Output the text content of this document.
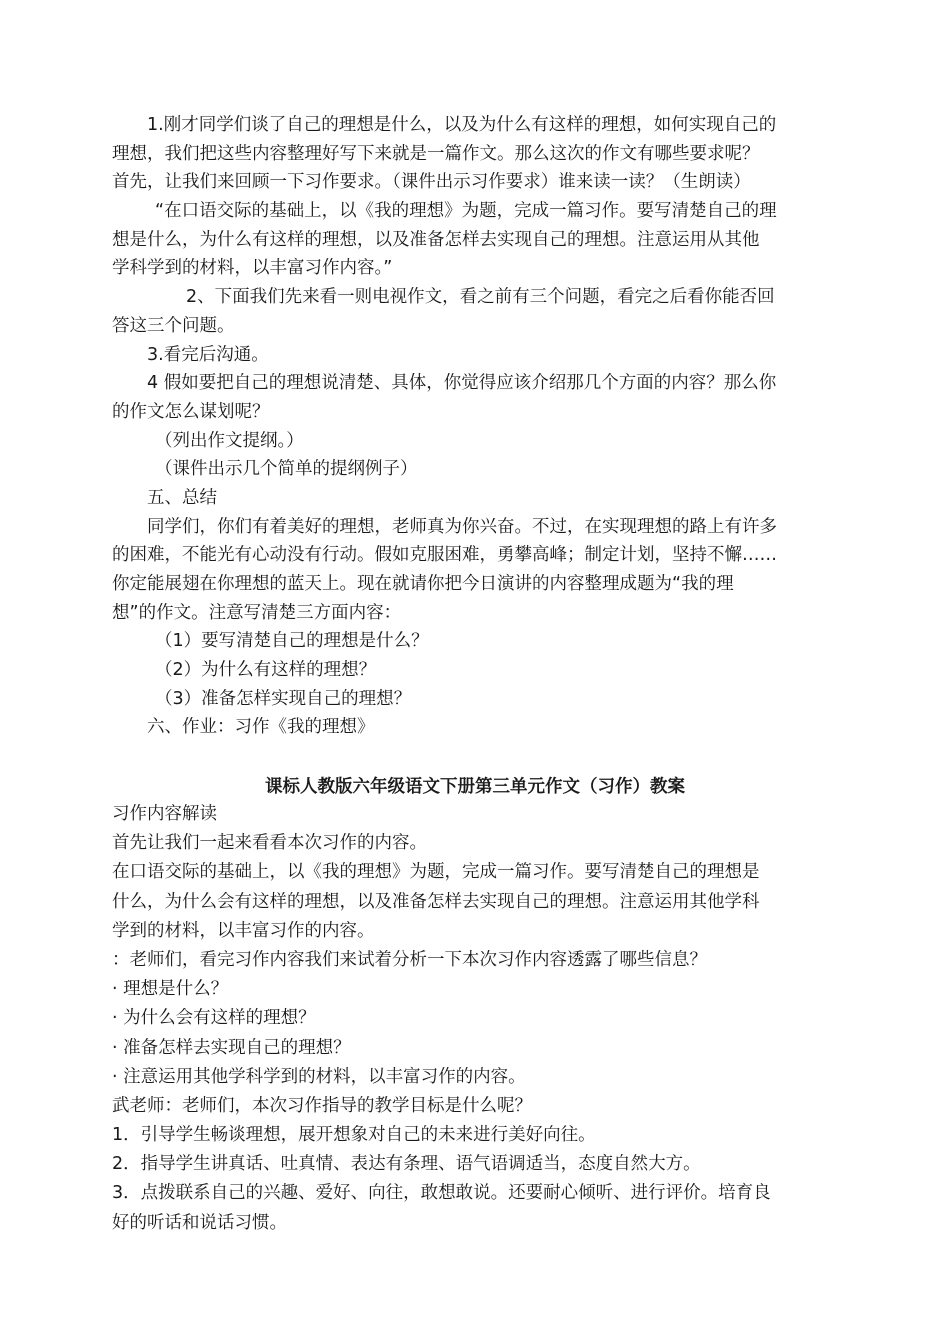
1.刚才同学们谈了自己的理想是什么，以及为什么有这样的理想，如何实现自己的
理想，我们把这些内容整理好写下来就是一篇作文。那么这次的作文有哪些要求呢？
首先，让我们来回顾一下习作要求。（课件出示习作要求）谁来读一读？（生朗读）
“在口语交际的基础上，以《我的理想》为题，完成一篇习作。要写清楚自己的理
想是什么，为什么有这样的理想，以及准备怎样去实现自己的理想。注意运用从其他
学科学到的材料，以丰富习作内容。”
2、下面我们先来看一则电视作文，看之前有三个问题，看完之后看你能否回
答这三个问题。
3.看完后沟通。
4 假如要把自己的理想说清楚、具体，你觉得应该介绍那几个方面的内容？那么你
的作文怎么谋划呢？
（列出作文提纲。）
（课件出示几个简单的提纲例子）
五、总结
同学们，你们有着美好的理想，老师真为你兴奋。不过，在实现理想的路上有许多
的困难，不能光有心动没有行动。假如克服困难，勇攀高峰；制定计划，坚持不懈……
你定能展翅在你理想的蓝天上。现在就请你把今日演讲的内容整理成题为“我的理
想”的作文。注意写清楚三方面内容：
（1）要写清楚自己的理想是什么？
（2）为什么有这样的理想？
（3）准备怎样实现自己的理想？
六、作业：习作《我的理想》
课标人教版六年级语文下册第三单元作文（习作）教案
习作内容解读
首先让我们一起来看看本次习作的内容。
在口语交际的基础上，以《我的理想》为题，完成一篇习作。要写清楚自己的理想是
什么，为什么会有这样的理想，以及准备怎样去实现自己的理想。注意运用其他学科
学到的材料，以丰富习作的内容。
：老师们，看完习作内容我们来试着分析一下本次习作内容透露了哪些信息？
· 理想是什么？
· 为什么会有这样的理想？
· 准备怎样去实现自己的理想？
· 注意运用其他学科学到的材料，以丰富习作的内容。
武老师：老师们，本次习作指导的教学目标是什么呢？
1．引导学生畅谈理想，展开想象对自己的未来进行美好向往。
2．指导学生讲真话、吐真情、表达有条理、语气语调适当，态度自然大方。
3．点拨联系自己的兴趣、爱好、向往，敢想敢说。还要耐心倾听、进行评价。培育良
好的听话和说话习惯。
